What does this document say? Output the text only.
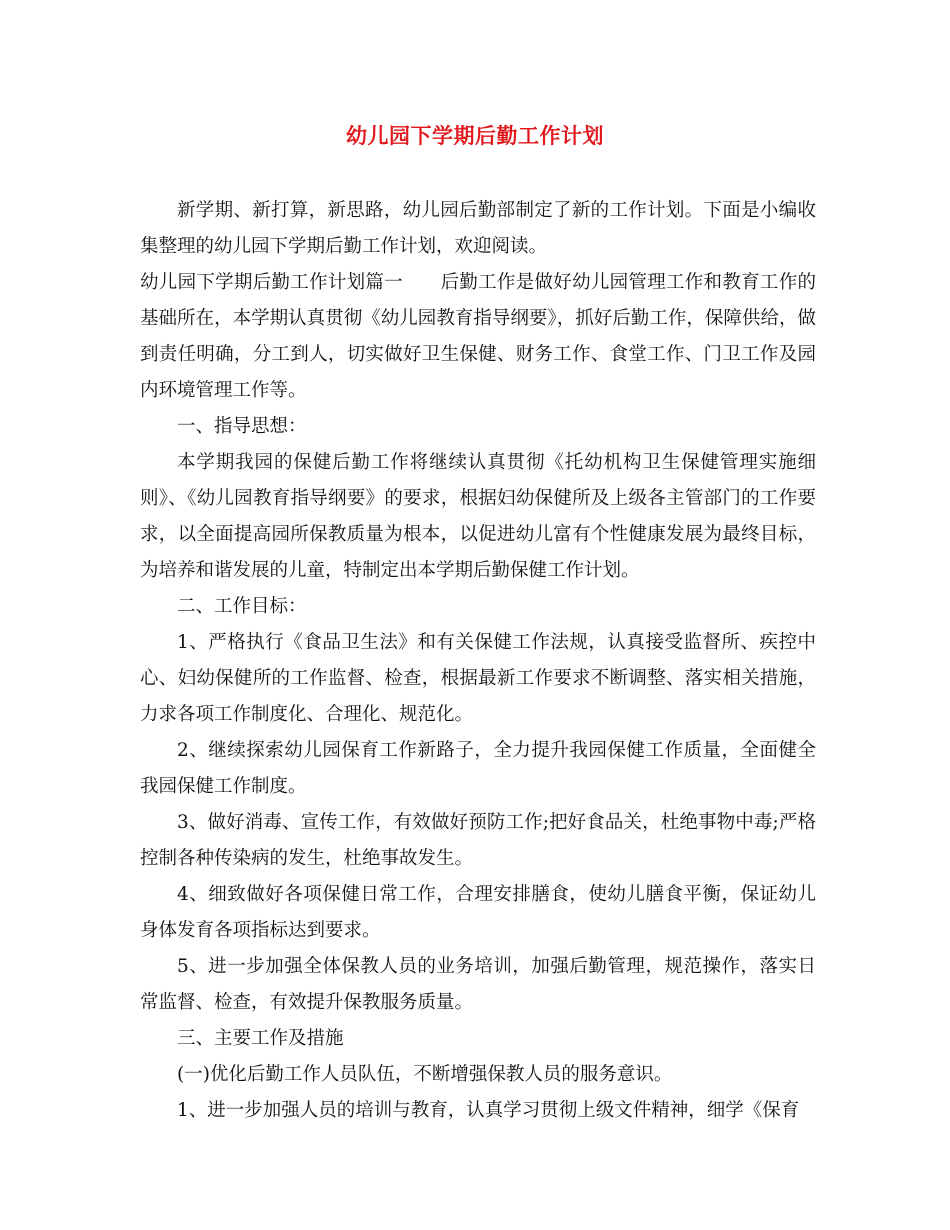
幼儿园下学期后勤工作计划

新学期、新打算，新思路，幼儿园后勤部制定了新的工作计划。下面是小编收集整理的幼儿园下学期后勤工作计划，欢迎阅读。

幼儿园下学期后勤工作计划篇一　　后勤工作是做好幼儿园管理工作和教育工作的基础所在，本学期认真贯彻《幼儿园教育指导纲要》，抓好后勤工作，保障供给，做到责任明确，分工到人，切实做好卫生保健、财务工作、食堂工作、门卫工作及园内环境管理工作等。

一、指导思想：

本学期我园的保健后勤工作将继续认真贯彻《托幼机构卫生保健管理实施细则》、《幼儿园教育指导纲要》的要求，根据妇幼保健所及上级各主管部门的工作要求，以全面提高园所保教质量为根本，以促进幼儿富有个性健康发展为最终目标，为培养和谐发展的儿童，特制定出本学期后勤保健工作计划。

二、工作目标：

1、严格执行《食品卫生法》和有关保健工作法规，认真接受监督所、疾控中心、妇幼保健所的工作监督、检查，根据最新工作要求不断调整、落实相关措施，力求各项工作制度化、合理化、规范化。

2、继续探索幼儿园保育工作新路子，全力提升我园保健工作质量，全面健全我园保健工作制度。

3、做好消毒、宣传工作，有效做好预防工作;把好食品关，杜绝事物中毒;严格控制各种传染病的发生，杜绝事故发生。

4、细致做好各项保健日常工作，合理安排膳食，使幼儿膳食平衡，保证幼儿身体发育各项指标达到要求。

5、进一步加强全体保教人员的业务培训，加强后勤管理，规范操作，落实日常监督、检查，有效提升保教服务质量。

三、主要工作及措施

(一)优化后勤工作人员队伍，不断增强保教人员的服务意识。

1、进一步加强人员的培训与教育，认真学习贯彻上级文件精神，细学《保育
